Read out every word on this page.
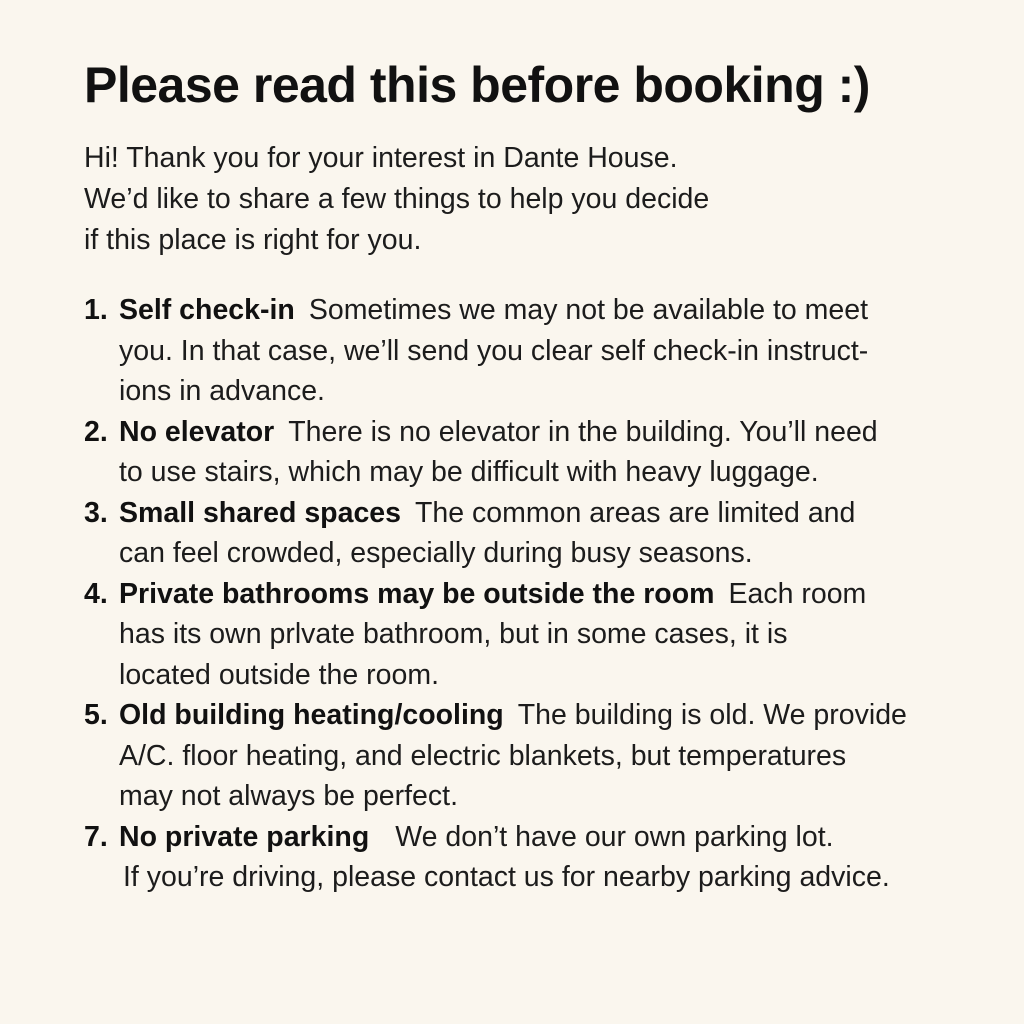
Please read this before booking :)
Hi! Thank you for your interest in Dante House.
We’d like to share a few things to help you decide
if this place is right for you.
1. Self check-in Sometimes we may not be available to meet
you. In that case, we’ll send you clear self check-in instruct-
ions in advance.
2. No elevator There is no elevator in the building. You’ll need
to use stairs, which may be difficult with heavy luggage.
3. Small shared spaces The common areas are limited and
can feel crowded, especially during busy seasons.
4. Private bathrooms may be outside the room Each room
has its own prlvate bathroom, but in some cases, it is
located outside the room.
5. Old building heating/cooling The building is old. We provide
A/C. floor heating, and electric blankets, but temperatures
may not always be perfect.
7. No private parking We don’t have our own parking lot.
If you’re driving, please contact us for nearby parking advice.
